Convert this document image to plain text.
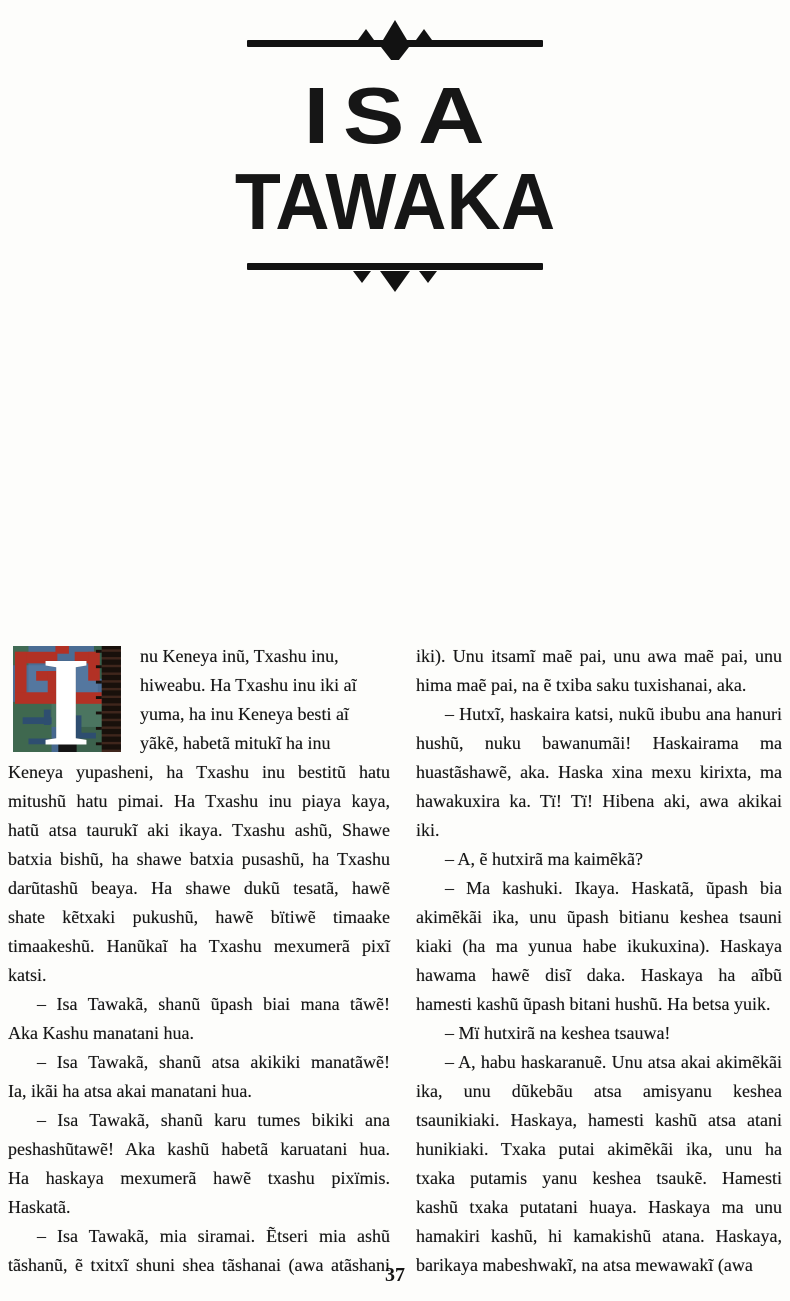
ISA
TAWAKA
I	nu Keneya inũ, Txashu inu,
hiweabu. Ha Txashu inu iki aĩ
yuma, ha inu Keneya besti aĩ
yãkẽ, habetã mitukĩ ha inu
Keneya yupasheni, ha Txashu inu bestitũ hatu
mitushũ hatu pimai. Ha Txashu inu piaya kaya,
hatũ atsa taurukĩ aki ikaya. Txashu ashũ, Shawe
batxia bishũ, ha shawe batxia pusashũ, ha Txashu
darũtashũ beaya. Ha shawe dukũ tesatã, hawẽ
shate kẽtxaki pukushũ, hawẽ bïtiwẽ timaake
timaakeshũ. Hanũkaĩ ha Txashu mexumerã pixĩ
katsi.
– Isa Tawakã, shanũ ũpash biai mana tãwẽ!
Aka Kashu manatani hua.
– Isa Tawakã, shanũ atsa akikiki manatãwẽ!
Ia, ikãi ha atsa akai manatani hua.
– Isa Tawakã, shanũ karu tumes bikiki ana
peshashũtawẽ! Aka kashũ habetã karuatani hua.
Ha haskaya mexumerã hawẽ txashu pixïmis.
Haskatã.
– Isa Tawakã, mia siramai. Ẽtseri mia ashũ
tãshanũ, ẽ txitxĩ shuni shea tãshanai (awa atãshani
iki). Unu itsamĩ maẽ pai, unu awa maẽ pai, unu
hima maẽ pai, na ẽ txiba saku tuxishanai, aka.
– Hutxĩ, haskaira katsi, nukũ ibubu ana hanuri
hushũ, nuku bawanumãi! Haskairama ma
huastãshawẽ, aka. Haska xina mexu kirixta, ma
hawakuxira ka. Tï! Tï! Hibena aki, awa akikai
iki.
– A, ẽ hutxirã ma kaimẽkã?
– Ma kashuki. Ikaya. Haskatã, ũpash bia
akimẽkãi ika, unu ũpash bitianu keshea tsauni
kiaki (ha ma yunua habe ikukuxina). Haskaya
hawama hawẽ disĩ daka. Haskaya ha aĩbũ
hamesti kashũ ũpash bitani hushũ. Ha betsa yuik.
– Mï hutxirã na keshea tsauwa!
– A, habu haskaranuẽ. Unu atsa akai akimẽkãi
ika, unu dũkebãu atsa amisyanu keshea
tsaunikiaki. Haskaya, hamesti kashũ atsa atani
hunikiaki. Txaka putai akimẽkãi ika, unu ha
txaka putamis yanu keshea tsaukẽ. Hamesti
kashũ txaka putatani huaya. Haskaya ma unu
hamakiri kashũ, hi kamakishũ atana. Haskaya,
barikaya mabeshwakĩ, na atsa mewawakĩ (awa
37
